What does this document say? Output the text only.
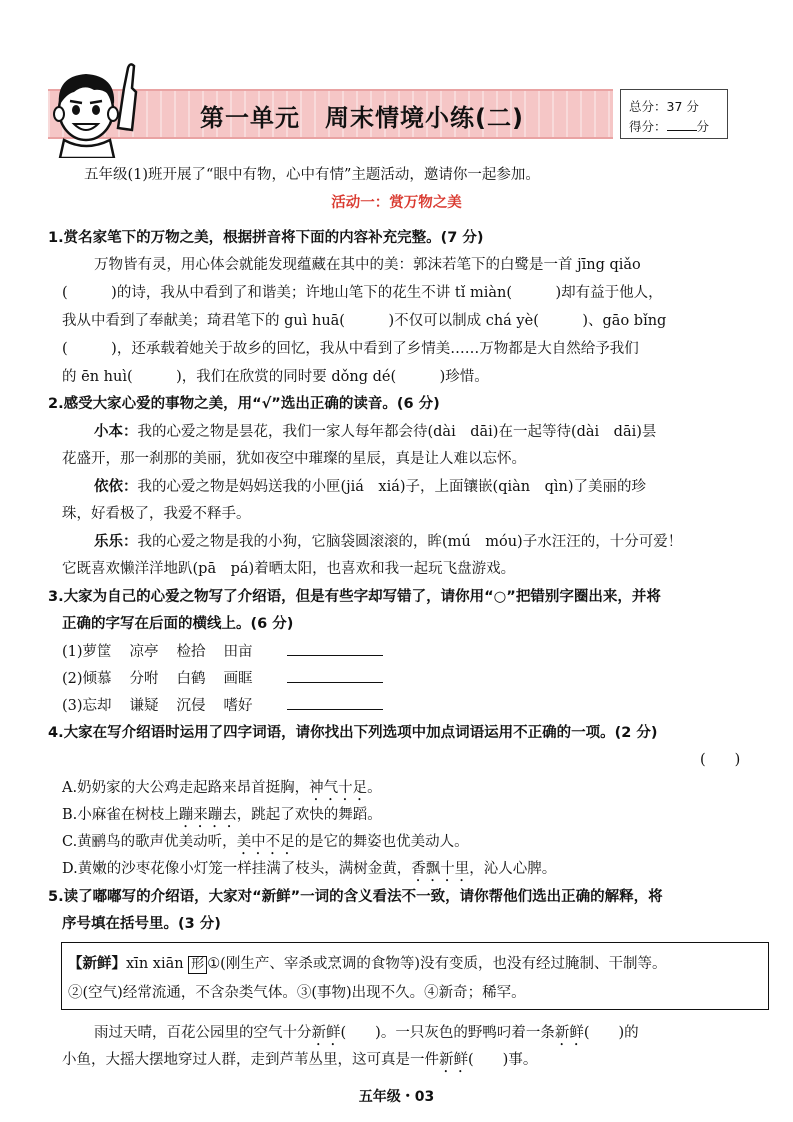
第一单元　周末情境小练(二)	总分：37 分
得分： 分
五年级(1)班开展了“眼中有物，心中有情”主题活动，邀请你一起参加。
活动一：赏万物之美
1.赏名家笔下的万物之美，根据拼音将下面的内容补充完整。(7 分)
万物皆有灵，用心体会就能发现蕴藏在其中的美：郭沫若笔下的白鹭是一首 jīng qiǎo
(　　　)的诗，我从中看到了和谐美；许地山笔下的花生不讲 tǐ miàn(　　　)却有益于他人，
我从中看到了奉献美；琦君笔下的 guì huā(　　　)不仅可以制成 chá yè(　　　)、gāo bǐng
(　　　)，还承载着她关于故乡的回忆，我从中看到了乡情美……万物都是大自然给予我们
的 ēn huì(　　　)，我们在欣赏的同时要 dǒng dé(　　　)珍惜。
2.感受大家心爱的事物之美，用“√”选出正确的读音。(6 分)
小本：我的心爱之物是昙花，我们一家人每年都会待(dài　dāi)在一起等待(dài　dāi)昙
花盛开，那一刹那的美丽，犹如夜空中璀璨的星辰，真是让人难以忘怀。
依依：我的心爱之物是妈妈送我的小匣(jiá　xiá)子，上面镶嵌(qiàn　qìn)了美丽的珍
珠，好看极了，我爱不释手。
乐乐：我的心爱之物是我的小狗，它脑袋圆滚滚的，眸(mú　móu)子水汪汪的，十分可爱！
它既喜欢懒洋洋地趴(pā　pá)着晒太阳，也喜欢和我一起玩飞盘游戏。
3.大家为自己的心爱之物写了介绍语，但是有些字却写错了，请你用“○”把错别字圈出来，并将
正确的字写在后面的横线上。(6 分)
(1)萝筐 凉亭 检拾 田亩
(2)倾慕 分咐 白鹤 画眶
(3)忘却 谦疑 沉侵 嗜好
4.大家在写介绍语时运用了四字词语，请你找出下列选项中加点词语运用不正确的一项。(2 分)
(　　)
A.奶奶家的大公鸡走起路来昂首挺胸，神气十足。
B.小麻雀在树枝上蹦来蹦去，跳起了欢快的舞蹈。
C.黄鹂鸟的歌声优美动听，美中不足的是它的舞姿也优美动人。
D.黄嫩的沙枣花像小灯笼一样挂满了枝头，满树金黄，香飘十里，沁人心脾。
5.读了嘟嘟写的介绍语，大家对“新鲜”一词的含义看法不一致，请你帮他们选出正确的解释，将
序号填在括号里。(3 分)
【新鲜】xīn xiān 形 ①(刚生产、宰杀或烹调的食物等)没有变质，也没有经过腌制、干制等。
②(空气)经常流通，不含杂类气体。③(事物)出现不久。④新奇；稀罕。
雨过天晴，百花公园里的空气十分新鲜(　　)。一只灰色的野鸭叼着一条新鲜(　　)的
小鱼，大摇大摆地穿过人群，走到芦苇丛里，这可真是一件新鲜(　　)事。
五年级・03
